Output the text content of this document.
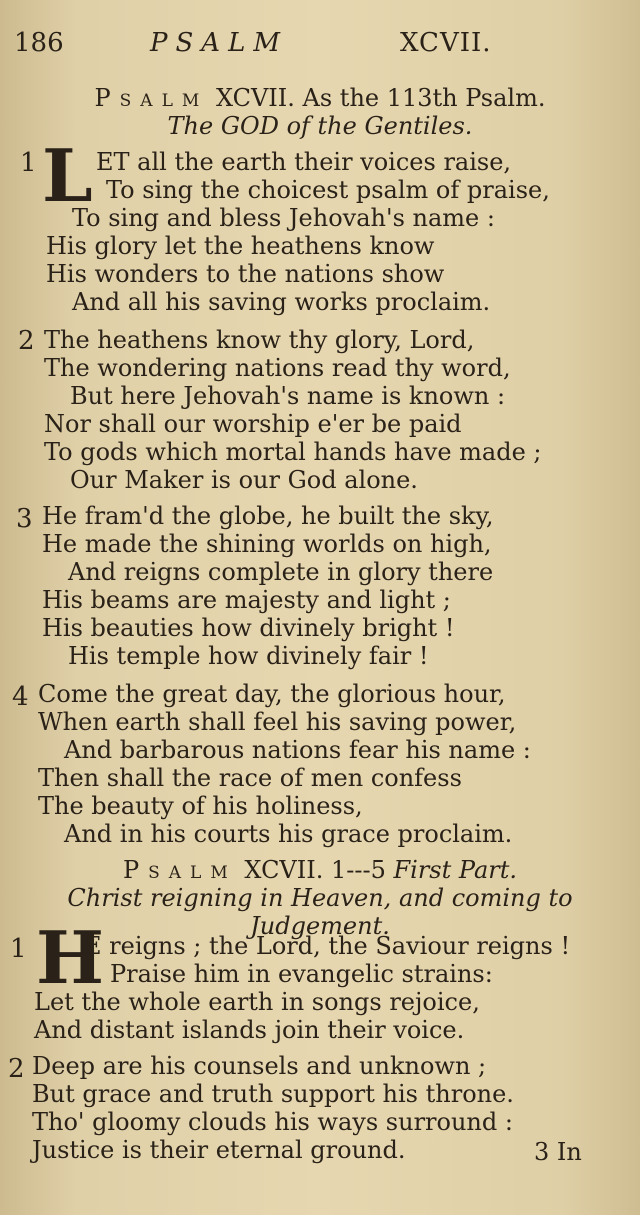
186	PSALM	XCVII.
Psalm XCVII. As the 113th Psalm.
The GOD of the Gentiles.
1 L ET all the earth their voices raise,
To sing the choicest psalm of praise,
To sing and bless Jehovah's name :
His glory let the heathens know
His wonders to the nations show
And all his saving works proclaim.
2 The heathens know thy glory, Lord,
The wondering nations read thy word,
But here Jehovah's name is known :
Nor shall our worship e'er be paid
To gods which mortal hands have made ;
Our Maker is our God alone.
3 He fram'd the globe, he built the sky,
He made the shining worlds on high,
And reigns complete in glory there
His beams are majesty and light ;
His beauties how divinely bright !
His temple how divinely fair !
4 Come the great day, the glorious hour,
When earth shall feel his saving power,
And barbarous nations fear his name :
Then shall the race of men confess
The beauty of his holiness,
And in his courts his grace proclaim.
Psalm XCVII. 1---5 First Part.
Christ reigning in Heaven, and coming to Judgement.
1 H
E reigns ; the Lord, the Saviour reigns !
Praise him in evangelic strains:
Let the whole earth in songs rejoice,
And distant islands join their voice.
2 Deep are his counsels and unknown ;
But grace and truth support his throne.
Tho' gloomy clouds his ways surround :
Justice is their eternal ground.	3 In
